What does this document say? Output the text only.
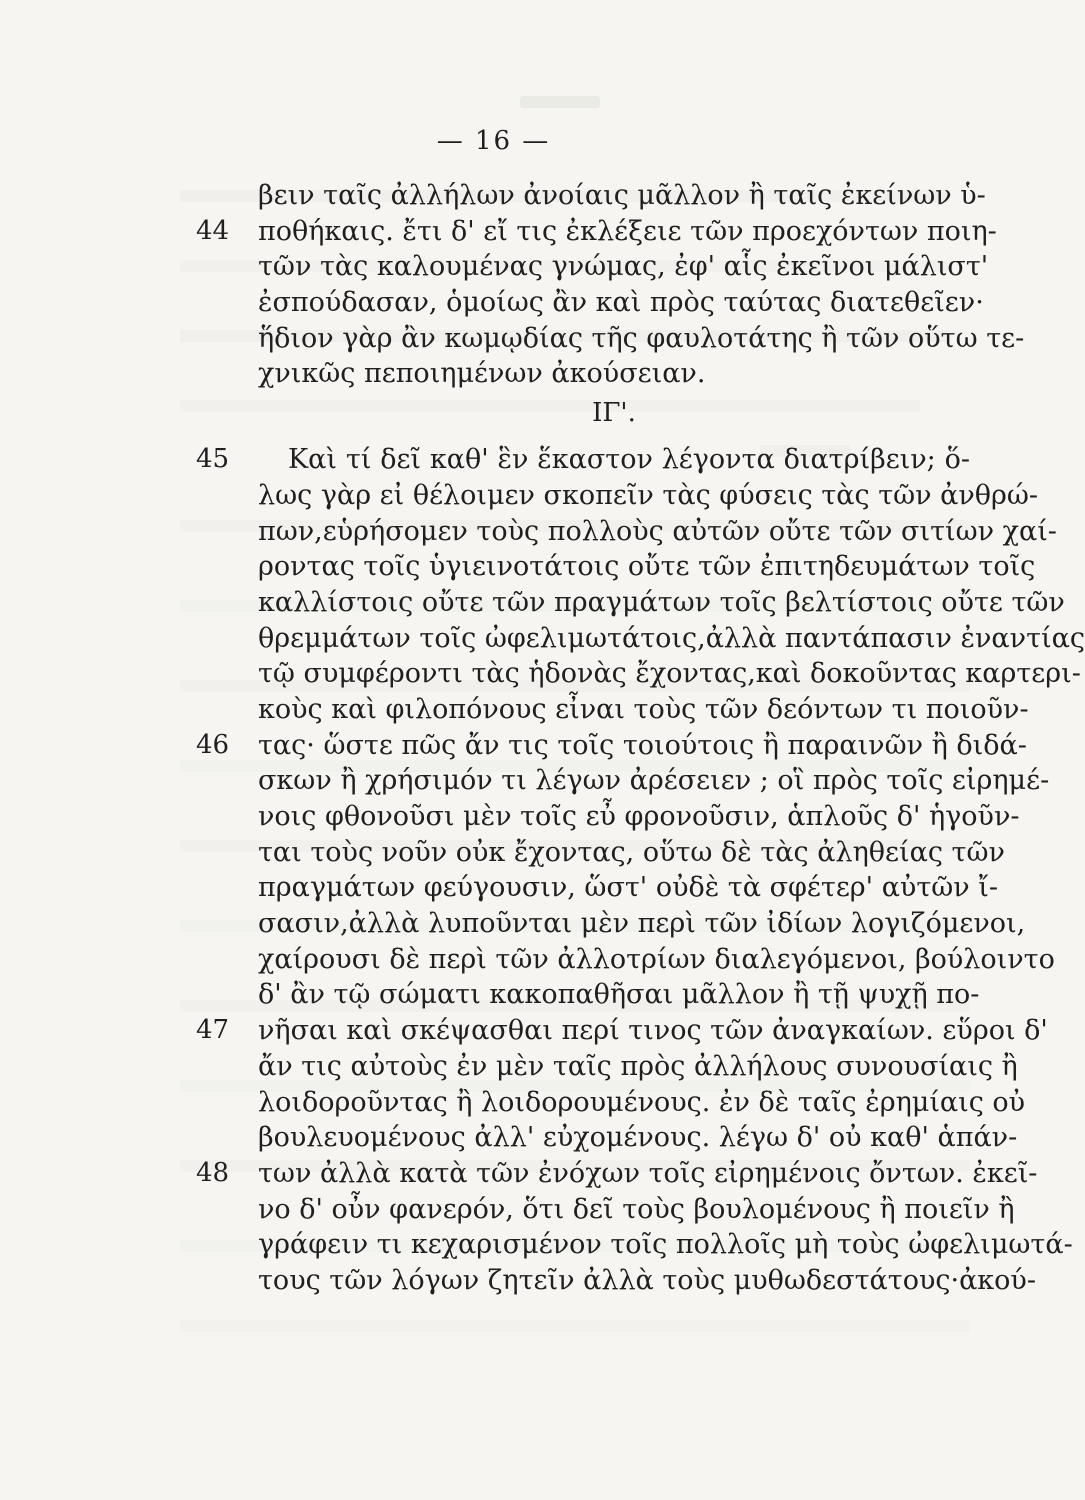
— 16 —
44
45
46
47
48
βειν ταῖς ἀλλήλων ἀνοίαις μᾶλλον ἢ ταῖς ἐκείνων ὑ-
ποθήκαις. ἔτι δ' εἴ τις ἐκλέξειε τῶν προεχόντων ποιη-
τῶν τὰς καλουμένας γνώμας, ἐφ' αἷς ἐκεῖνοι μάλιστ'
ἐσπούδασαν, ὁμοίως ἂν καὶ πρὸς ταύτας διατεθεῖεν·
ἥδιον γὰρ ἂν κωμῳδίας τῆς φαυλοτάτης ἢ τῶν οὕτω τε-
χνικῶς πεποιημένων ἀκούσειαν.
ΙΓ'.
Καὶ τί δεῖ καθ' ἓν ἕκαστον λέγοντα διατρίβειν; ὅ-
λως γὰρ εἰ θέλοιμεν σκοπεῖν τὰς φύσεις τὰς τῶν ἀνθρώ-
πων,εὑρήσομεν τοὺς πολλοὺς αὐτῶν οὔτε τῶν σιτίων χαί-
ροντας τοῖς ὑγιεινοτάτοις οὔτε τῶν ἐπιτηδευμάτων τοῖς
καλλίστοις οὔτε τῶν πραγμάτων τοῖς βελτίστοις οὔτε τῶν
θρεμμάτων τοῖς ὠφελιμωτάτοις,ἀλλὰ παντάπασιν ἐναντίας
τῷ συμφέροντι τὰς ἡδονὰς ἔχοντας,καὶ δοκοῦντας καρτερι-
κοὺς καὶ φιλοπόνους εἶναι τοὺς τῶν δεόντων τι ποιοῦν-
τας· ὥστε πῶς ἄν τις τοῖς τοιούτοις ἢ παραινῶν ἢ διδά-
σκων ἢ χρήσιμόν τι λέγων ἀρέσειεν ; οἳ πρὸς τοῖς εἰρημέ-
νοις φθονοῦσι μὲν τοῖς εὖ φρονοῦσιν, ἁπλοῦς δ' ἡγοῦν-
ται τοὺς νοῦν οὐκ ἔχοντας, οὕτω δὲ τὰς ἀληθείας τῶν
πραγμάτων φεύγουσιν, ὥστ' οὐδὲ τὰ σφέτερ' αὐτῶν ἴ-
σασιν,ἀλλὰ λυποῦνται μὲν περὶ τῶν ἰδίων λογιζόμενοι,
χαίρουσι δὲ περὶ τῶν ἀλλοτρίων διαλεγόμενοι, βούλοιντο
δ' ἂν τῷ σώματι κακοπαθῆσαι μᾶλλον ἢ τῇ ψυχῇ πο-
νῆσαι καὶ σκέψασθαι περί τινος τῶν ἀναγκαίων. εὕροι δ'
ἄν τις αὐτοὺς ἐν μὲν ταῖς πρὸς ἀλλήλους συνουσίαις ἢ
λοιδοροῦντας ἢ λοιδορουμένους. ἐν δὲ ταῖς ἐρημίαις οὐ
βουλευομένους ἀλλ' εὐχομένους. λέγω δ' οὐ καθ' ἁπάν-
των ἀλλὰ κατὰ τῶν ἐνόχων τοῖς εἰρημένοις ὄντων. ἐκεῖ-
νο δ' οὖν φανερόν, ὅτι δεῖ τοὺς βουλομένους ἢ ποιεῖν ἢ
γράφειν τι κεχαρισμένον τοῖς πολλοῖς μὴ τοὺς ὠφελιμωτά-
τους τῶν λόγων ζητεῖν ἀλλὰ τοὺς μυθωδεστάτους·ἀκού-
